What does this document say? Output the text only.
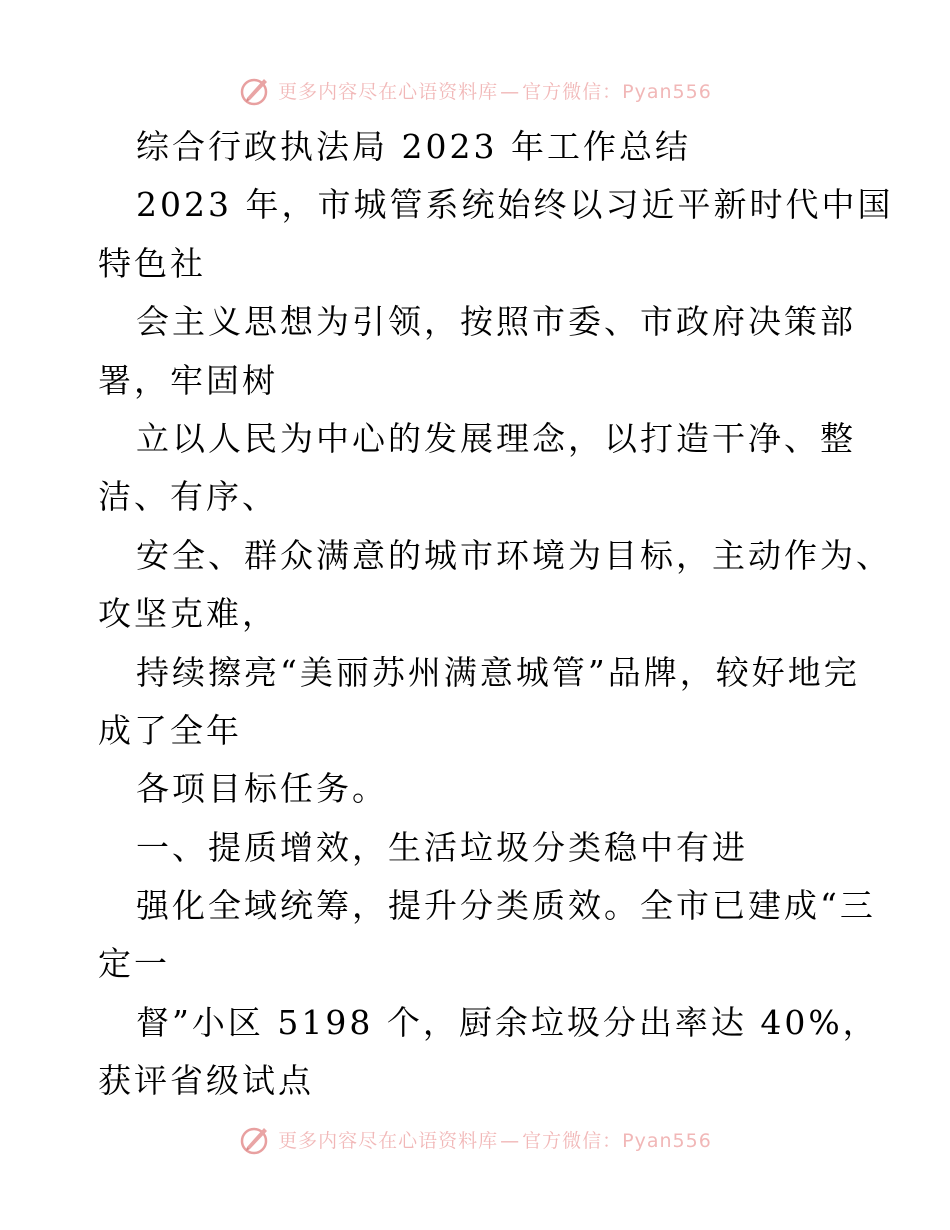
更多内容尽在心语资料库 — 官方微信：Pyan556
综合行政执法局 2023 年工作总结
2023 年，市城管系统始终以习近平新时代中国
特色社
会主义思想为引领，按照市委、市政府决策部
署，牢固树
立以人民为中心的发展理念，以打造干净、整
洁、有序、
安全、群众满意的城市环境为目标，主动作为、
攻坚克难，
持续擦亮“美丽苏州满意城管”品牌，较好地完
成了全年
各项目标任务。
一、提质增效，生活垃圾分类稳中有进
强化全域统筹，提升分类质效。全市已建成“三
定一
督”小区 5198 个，厨余垃圾分出率达 40%，
获评省级试点
更多内容尽在心语资料库 — 官方微信：Pyan556
